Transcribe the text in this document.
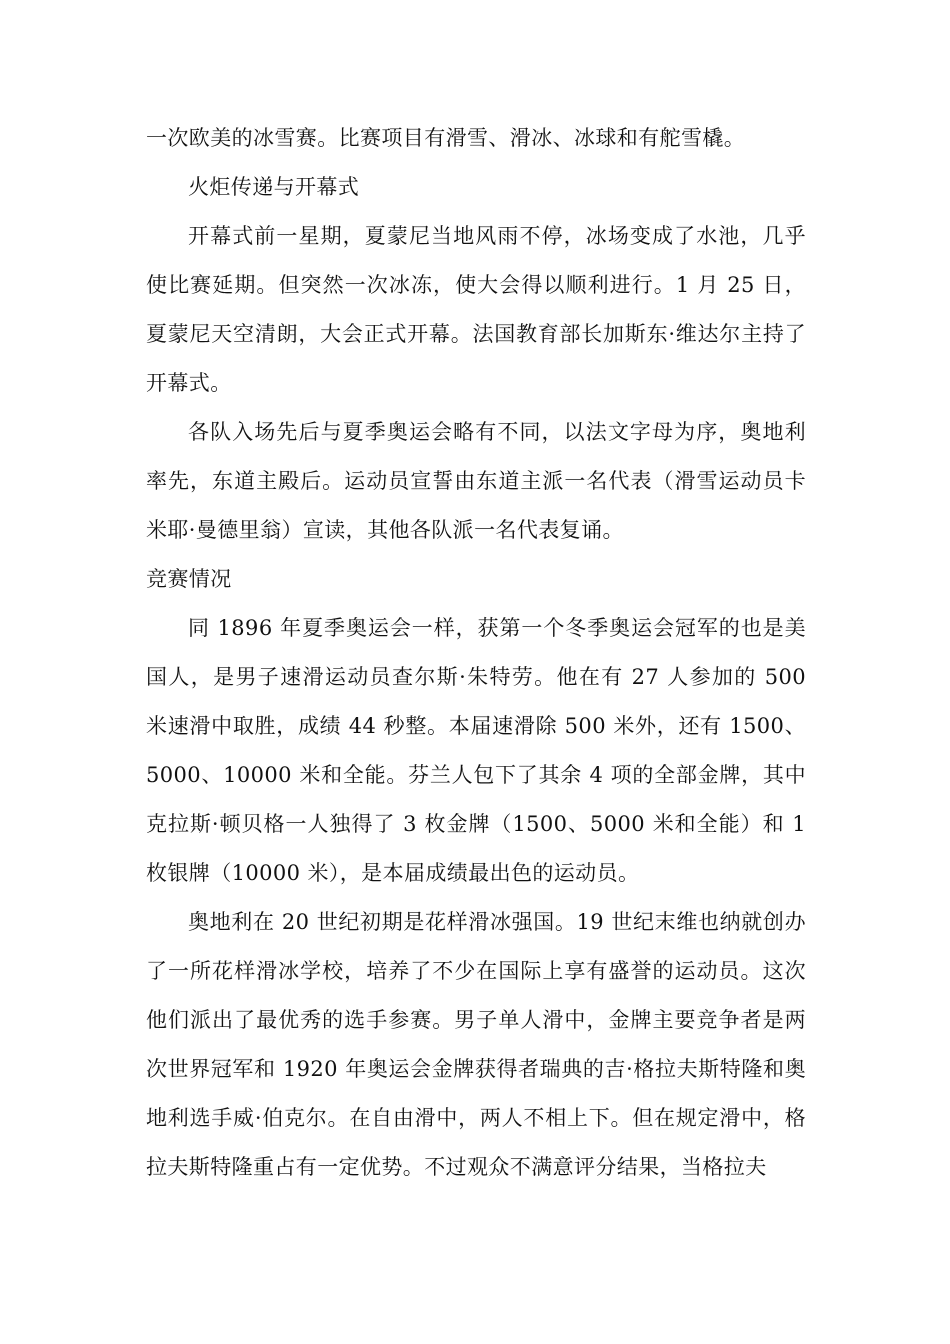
一次欧美的冰雪赛。比赛项目有滑雪、滑冰、冰球和有舵雪橇。

火炬传递与开幕式

开幕式前一星期，夏蒙尼当地风雨不停，冰场变成了水池，几乎使比赛延期。但突然一次冰冻，使大会得以顺利进行。1 月 25 日，夏蒙尼天空清朗，大会正式开幕。法国教育部长加斯东·维达尔主持了开幕式。

各队入场先后与夏季奥运会略有不同，以法文字母为序，奥地利率先，东道主殿后。运动员宣誓由东道主派一名代表（滑雪运动员卡米耶·曼德里翁）宣读，其他各队派一名代表复诵。

竞赛情况

同 1896 年夏季奥运会一样，获第一个冬季奥运会冠军的也是美国人，是男子速滑运动员查尔斯·朱特劳。他在有 27 人参加的 500 米速滑中取胜，成绩 44 秒整。本届速滑除 500 米外，还有 1500、5000、10000 米和全能。芬兰人包下了其余 4 项的全部金牌，其中克拉斯·顿贝格一人独得了 3 枚金牌（1500、5000 米和全能）和 1 枚银牌（10000 米），是本届成绩最出色的运动员。

奥地利在 20 世纪初期是花样滑冰强国。19 世纪末维也纳就创办了一所花样滑冰学校，培养了不少在国际上享有盛誉的运动员。这次他们派出了最优秀的选手参赛。男子单人滑中，金牌主要竞争者是两次世界冠军和 1920 年奥运会金牌获得者瑞典的吉·格拉夫斯特隆和奥地利选手威·伯克尔。在自由滑中，两人不相上下。但在规定滑中，格拉夫斯特隆重占有一定优势。不过观众不满意评分结果，当格拉夫
